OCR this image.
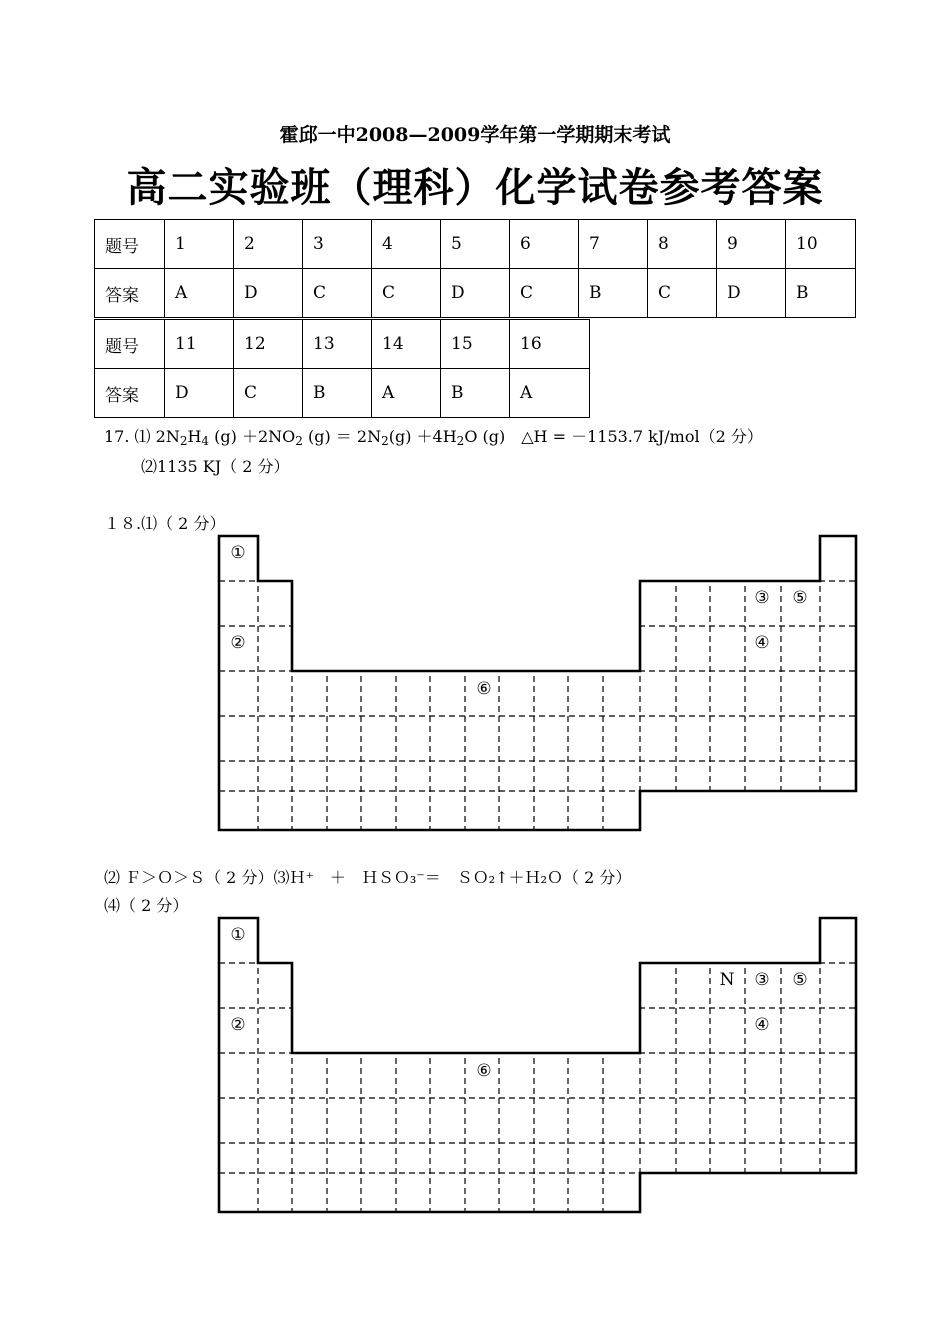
霍邱一中2008—2009学年第一学期期末考试
高二实验班（理科）化学试卷参考答案
题号	1	2	3	4	5	6	7	8	9	10
答案	A	D	C	C	D	C	B	C	D	B
题号	11	12	13	14	15	16
答案	D	C	B	A	B	A
17. ⑴ $2N_2H_4$ $(g) +2NO_2$ $(g) = 2N_2(g) +4H_2O$ (g)　△H = －1153.7 kJ/mol（2 分）
⑵1135 KJ（ 2 分）
１８.⑴（ 2 分）
①
②
③
④
⑤
⑥
⑵ Ｆ＞Ｏ＞Ｓ（ 2 分）⑶Ｈ⁺　＋　ＨＳＯ₃⁻＝　ＳＯ₂↑＋Ｈ₂Ｏ（ 2 分）
⑷（ 2 分）
①
②
N ③
④
⑤
⑥
